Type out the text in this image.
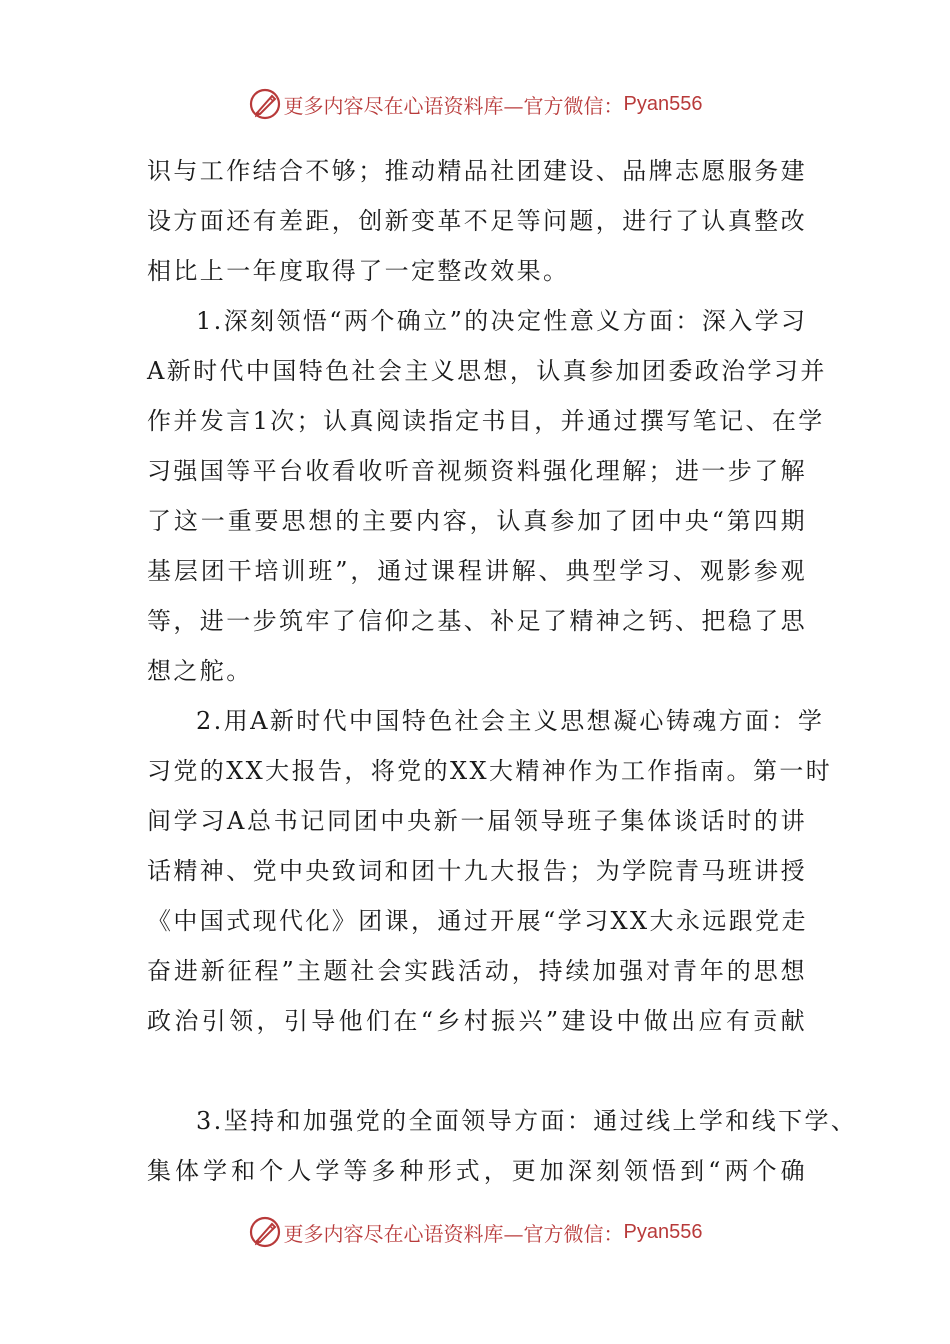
更多内容尽在心语资料库—官方微信： Pyan556
识与工作结合不够；推动精品社团建设、品牌志愿服务建
设方面还有差距，创新变革不足等问题，进行了认真整改
相比上一年度取得了一定整改效果。
1.深刻领悟“两个确立”的决定性意义方面：深入学习
A新时代中国特色社会主义思想，认真参加团委政治学习并
作并发言1次；认真阅读指定书目，并通过撰写笔记、在学
习强国等平台收看收听音视频资料强化理解；进一步了解
了这一重要思想的主要内容，认真参加了团中央“第四期
基层团干培训班”，通过课程讲解、典型学习、观影参观
等，进一步筑牢了信仰之基、补足了精神之钙、把稳了思
想之舵。
2.用A新时代中国特色社会主义思想凝心铸魂方面：学
习党的XX大报告，将党的XX大精神作为工作指南。第一时
间学习A总书记同团中央新一届领导班子集体谈话时的讲
话精神、党中央致词和团十九大报告；为学院青马班讲授
《中国式现代化》团课，通过开展“学习XX大永远跟党走
奋进新征程”主题社会实践活动，持续加强对青年的思想
政治引领，引导他们在“乡村振兴”建设中做出应有贡献
3.坚持和加强党的全面领导方面：通过线上学和线下学、
集体学和个人学等多种形式，更加深刻领悟到“两个确
更多内容尽在心语资料库—官方微信： Pyan556
